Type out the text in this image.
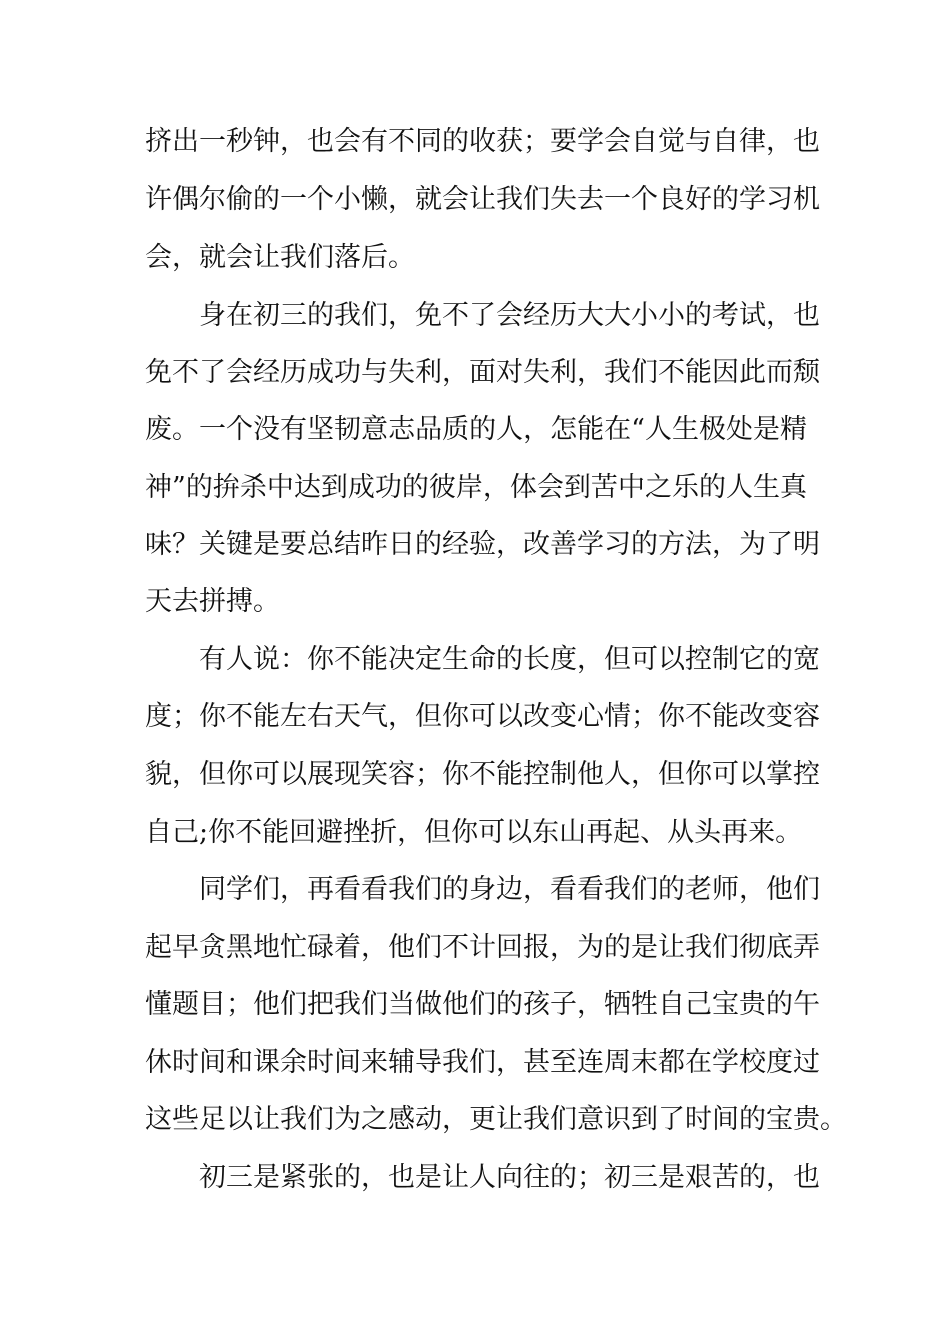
挤出一秒钟，也会有不同的收获；要学会自觉与自律，也
许偶尔偷的一个小懒，就会让我们失去一个良好的学习机
会，就会让我们落后。
身在初三的我们，免不了会经历大大小小的考试，也
免不了会经历成功与失利，面对失利，我们不能因此而颓
废。一个没有坚韧意志品质的人，怎能在“人生极处是精
神”的拚杀中达到成功的彼岸，体会到苦中之乐的人生真
味？关键是要总结昨日的经验，改善学习的方法，为了明
天去拼搏。
有人说：你不能决定生命的长度，但可以控制它的宽
度；你不能左右天气，但你可以改变心情；你不能改变容
貌，但你可以展现笑容；你不能控制他人，但你可以掌控
自己;你不能回避挫折，但你可以东山再起、从头再来。
同学们，再看看我们的身边，看看我们的老师，他们
起早贪黑地忙碌着，他们不计回报，为的是让我们彻底弄
懂题目；他们把我们当做他们的孩子，牺牲自己宝贵的午
休时间和课余时间来辅导我们，甚至连周末都在学校度过
这些足以让我们为之感动，更让我们意识到了时间的宝贵。
初三是紧张的，也是让人向往的；初三是艰苦的，也
